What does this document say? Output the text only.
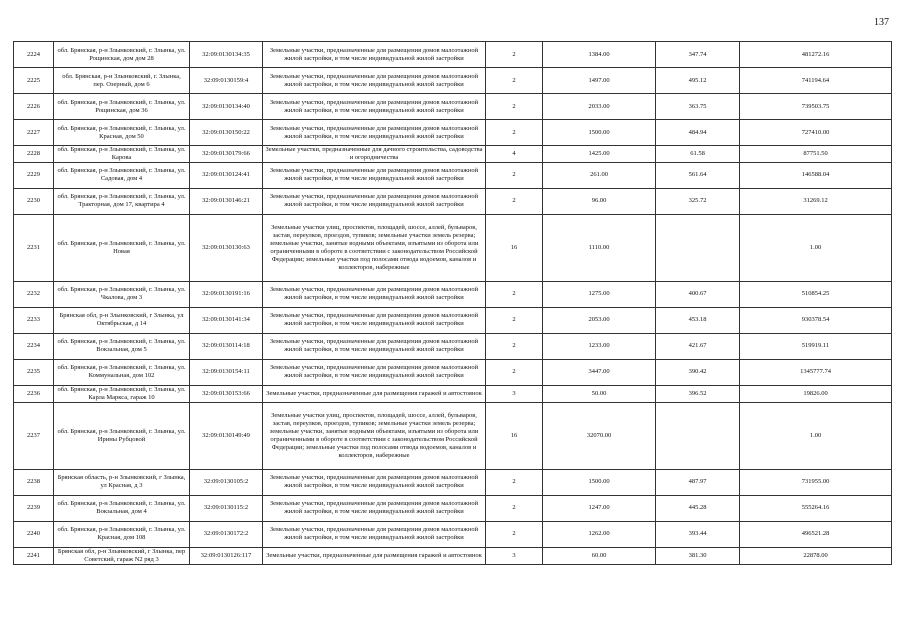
137
2224	обл. Брянская, р-н Злынковский, г. Злынка, ул. Рощинская, дом дом 28	32:09:0130134:35	Земельные участки, предназначенные для размещения домов малоэтажной жилой застройки, в том числе индивидуальной жилой застройки	2	1384.00	347.74	481272.16
2225	обл. Брянская, р-н Злынковский, г. Злынка, пер. Озерный, дом 6	32:09:0130159:4	Земельные участки, предназначенные для размещения домов малоэтажной жилой застройки, в том числе индивидуальной жилой застройки	2	1497.00	495.12	741194.64
2226	обл. Брянская, р-н Злынковский, г. Злынка, ул. Рощинская, дом 36	32:09:0130134:40	Земельные участки, предназначенные для размещения домов малоэтажной жилой застройки, в том числе индивидуальной жилой застройки	2	2033.00	363.75	739503.75
2227	обл. Брянская, р-н Злынковский, г. Злынка, ул. Красная, дом 50	32:09:0130150:22	Земельные участки, предназначенные для размещения домов малоэтажной жилой застройки, в том числе индивидуальной жилой застройки	2	1500.00	484.94	727410.00
2228	обл. Брянская, р-н Злынковский, г. Злынка, ул. Карова	32:09:0130179:66	Земельные участки, предназначенные для дачного строительства, садоводства и огородничества	4	1425.00	61.58	87751.50
2229	обл. Брянская, р-н Злынковский, г. Злынка, ул. Садовая, дом 4	32:09:0130124:41	Земельные участки, предназначенные для размещения домов малоэтажной жилой застройки, в том числе индивидуальной жилой застройки	2	261.00	561.64	146588.04
2230	обл. Брянская, р-н Злынковский, г. Злынка, ул. Тракторная, дом 17, квартира 4	32:09:0130146:21	Земельные участки, предназначенные для размещения домов малоэтажной жилой застройки, в том числе индивидуальной жилой застройки	2	96.00	325.72	31269.12
2231	обл. Брянская, р-н Злынковский, г. Злынка, ул. Новая	32:09:0130130:63	Земельные участки улиц, проспектов, площадей, шоссе, аллей, бульваров, застав, переулков, проездов, тупиков; земельные участки земель резерва; земельные участки, занятые водными объектами, изъятыми из оборота или ограниченными в обороте в соответствии с законодательством Российской Федерации; земельные участки под полосами отвода водоемов, каналов и коллекторов, набережные	16	1110.00		1.00
2232	обл. Брянская, р-н Злынковский, г. Злынка, ул. Чкалова, дом 3	32:09:0130191:16	Земельные участки, предназначенные для размещения домов малоэтажной жилой застройки, в том числе индивидуальной жилой застройки	2	1275.00	400.67	510854.25
2233	Брянская обл, р-н Злынковский, г Злынка, ул Октябрьская, д 14	32:09:0130141:34	Земельные участки, предназначенные для размещения домов малоэтажной жилой застройки, в том числе индивидуальной жилой застройки	2	2053.00	453.18	930378.54
2234	обл. Брянская, р-н Злынковский, г. Злынка, ул. Вокзальная, дом 5	32:09:0130114:18	Земельные участки, предназначенные для размещения домов малоэтажной жилой застройки, в том числе индивидуальной жилой застройки	2	1233.00	421.67	519919.11
2235	обл. Брянская, р-н Злынковский, г. Злынка, ул. Коммунальная, дом 102	32:09:0130154:11	Земельные участки, предназначенные для размещения домов малоэтажной жилой застройки, в том числе индивидуальной жилой застройки	2	3447.00	390.42	1345777.74
2236	обл. Брянская, р-н Злынковский, г. Злынка, ул. Карла Маркса, гараж 10	32:09:0130153:66	Земельные участки, предназначенные для размещения гаражей и автостоянок	3	50.00	396.52	19826.00
2237	обл. Брянская, р-н Злынковский, г. Злынка, ул. Ирины Рубцовой	32:09:0130149:49	Земельные участки улиц, проспектов, площадей, шоссе, аллей, бульваров, застав, переулков, проездов, тупиков; земельные участки земель резерва; земельные участки, занятые водными объектами, изъятыми из оборота или ограниченными в обороте в соответствии с законодательством Российской Федерации; земельные участки под полосами отвода водоемов, каналов и коллекторов, набережные	16	32070.00		1.00
2238	Брянская область, р-н Злынковский, г Злынка, ул Красная, д 3	32:09:0130105:2	Земельные участки, предназначенные для размещения домов малоэтажной жилой застройки, в том числе индивидуальной жилой застройки	2	1500.00	487.97	731955.00
2239	обл. Брянская, р-н Злынковский, г. Злынка, ул. Вокзальная, дом 4	32:09:0130115:2	Земельные участки, предназначенные для размещения домов малоэтажной жилой застройки, в том числе индивидуальной жилой застройки	2	1247.00	445.28	555264.16
2240	обл. Брянская, р-н Злынковский, г. Злынка, ул. Красная, дом 108	32:09:0130172:2	Земельные участки, предназначенные для размещения домов малоэтажной жилой застройки, в том числе индивидуальной жилой застройки	2	1262.00	393.44	496521.28
2241	Брянская обл, р-н Злынковский, г Злынка, пер Советский, гараж N2 ряд 3	32:09:0130126:117	Земельные участки, предназначенные для размещения гаражей и автостоянок	3	60.00	381.30	22878.00
